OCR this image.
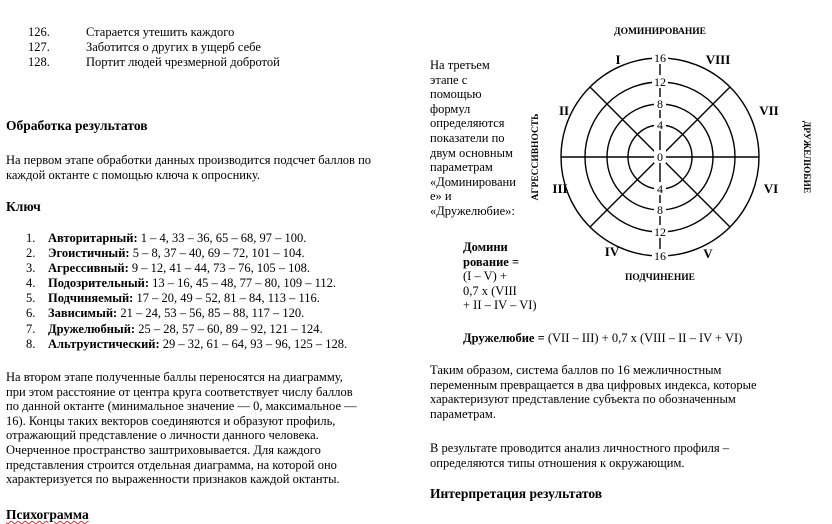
126.	Старается утешить каждого
127.	Заботится о других в ущерб себе
128.	Портит людей чрезмерной добротой
Обработка результатов

На первом этапе обработки данных производится подсчет баллов по каждой октанте с помощью ключа к опроснику.

Ключ
1. Авторитарный: 1 – 4, 33 – 36, 65 – 68, 97 – 100.
2. Эгоистичный: 5 – 8, 37 – 40, 69 – 72, 101 – 104.
3. Агрессивный: 9 – 12, 41 – 44, 73 – 76, 105 – 108.
4. Подозрительный: 13 – 16, 45 – 48, 77 – 80, 109 – 112.
5. Подчиняемый: 17 – 20, 49 – 52, 81 – 84, 113 – 116.
6. Зависимый: 21 – 24, 53 – 56, 85 – 88, 117 – 120.
7. Дружелюбный: 25 – 28, 57 – 60, 89 – 92, 121 – 124.
8. Альтруистический: 29 – 32, 61 – 64, 93 – 96, 125 – 128.
На втором этапе полученные баллы переносятся на диаграмму,
при этом расстояние от центра круга соответствует числу баллов
по данной октанте (минимальное значение — 0, максимальное —
16). Концы таких векторов соединяются и образуют профиль,
отражающий представление о личности данного человека.
Очерченное пространство заштриховывается. Для каждого
представления строится отдельная диаграмма, на которой оно
характеризуется по выраженности признаков каждой октанты.
Психограмма
На третьем
этапе с
помощью
формул
определяются
показатели по
двум основным
параметрам
«Доминировани
е» и
«Дружелюбие»:
16
12
8
4
0
4
8
12
16
I
II
III
IV	V
VI
VII
VIII
ДОМИНИРОВАНИЕ
ПОДЧИНЕНИЕ
АГРЕССИВНОСТЬ	ДРУЖЕЛЮБИЕ
Домини
рование =
(I – V) +
0,7 х (VIII
+ II – IV – VI)
Дружелюбие = (VII – III) + 0,7 х (VIII – II – IV + VI)
Таким образом, система баллов по 16 межличностным
переменным превращается в два цифровых индекса, которые
характеризуют представление субъекта по обозначенным
параметрам.
В результате проводится анализ личностного профиля –
определяются типы отношения к окружающим.
Интерпретация результатов
